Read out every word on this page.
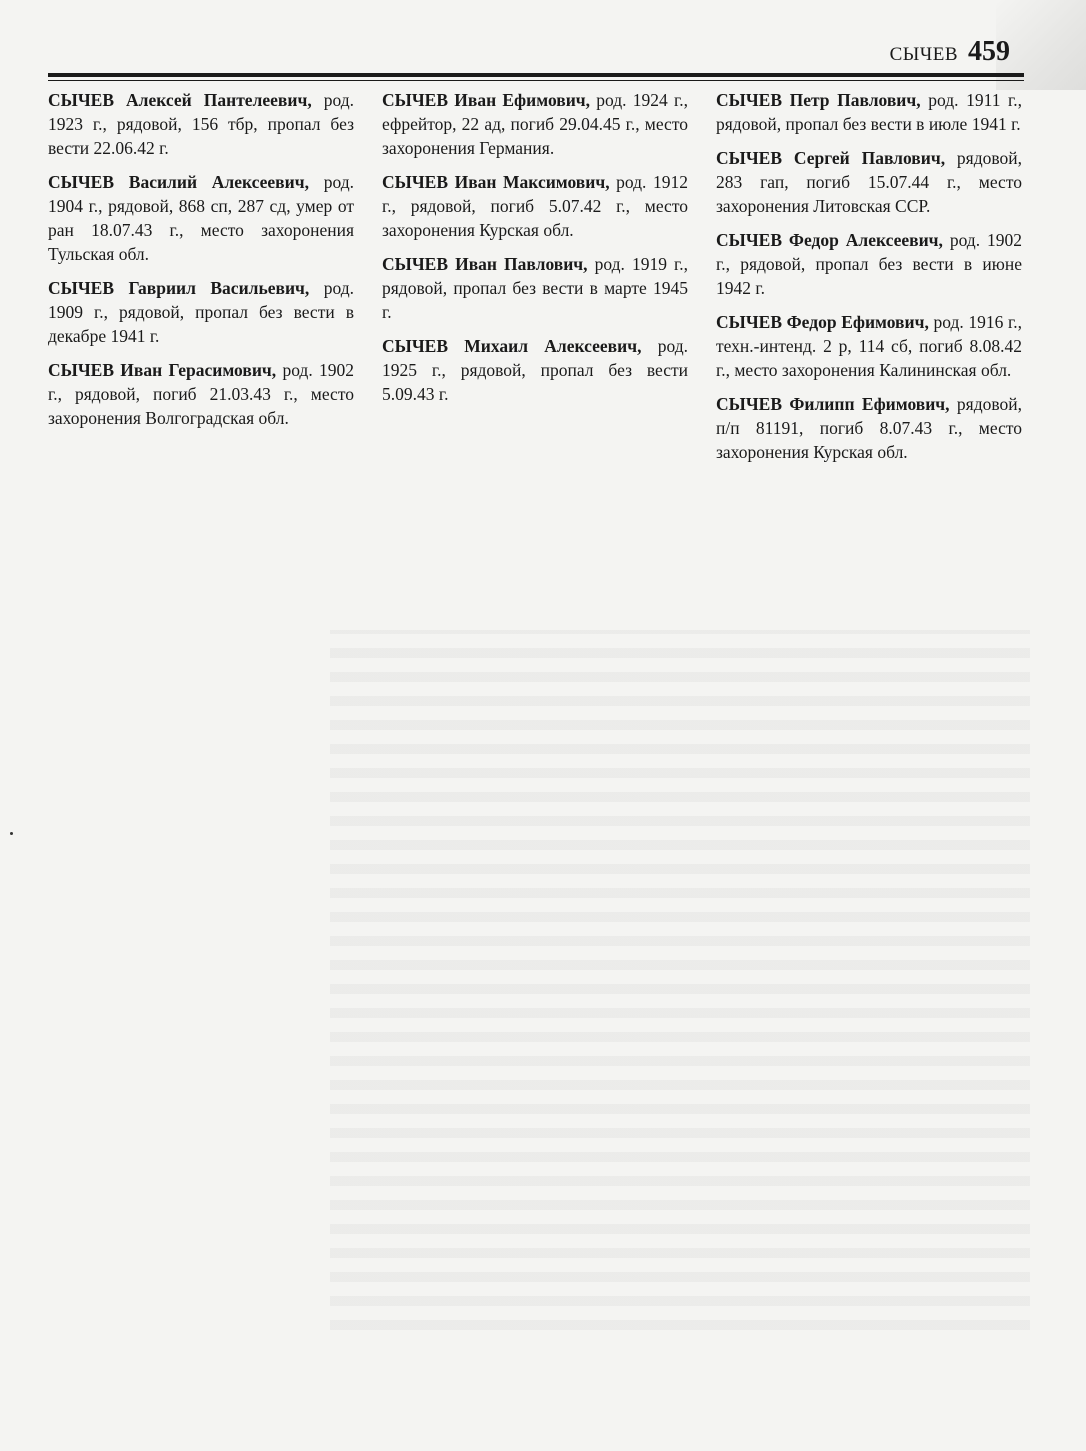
СЫЧЕВ 459

СЫЧЕВ Алексей Пантелеевич, род. 1923 г., рядовой, 156 тбр, пропал без вести 22.06.42 г.

СЫЧЕВ Василий Алексеевич, род. 1904 г., рядовой, 868 сп, 287 сд, умер от ран 18.07.43 г., место захоронения Тульская обл.

СЫЧЕВ Гавриил Васильевич, род. 1909 г., рядовой, пропал без вести в декабре 1941 г.

СЫЧЕВ Иван Герасимович, род. 1902 г., рядовой, погиб 21.03.43 г., место захоронения Волгоградская обл.

СЫЧЕВ Иван Ефимович, род. 1924 г., ефрейтор, 22 ад, погиб 29.04.45 г., место захоронения Германия.

СЫЧЕВ Иван Максимович, род. 1912 г., рядовой, погиб 5.07.42 г., место захоронения Курская обл.

СЫЧЕВ Иван Павлович, род. 1919 г., рядовой, пропал без вести в марте 1945 г.

СЫЧЕВ Михаил Алексеевич, род. 1925 г., рядовой, пропал без вести 5.09.43 г.

СЫЧЕВ Петр Павлович, род. 1911 г., рядовой, пропал без вести в июле 1941 г.

СЫЧЕВ Сергей Павлович, рядовой, 283 гап, погиб 15.07.44 г., место захоронения Литовская ССР.

СЫЧЕВ Федор Алексеевич, род. 1902 г., рядовой, пропал без вести в июне 1942 г.

СЫЧЕВ Федор Ефимович, род. 1916 г., техн.-интенд. 2 р, 114 сб, погиб 8.08.42 г., место захоронения Калининская обл.

СЫЧЕВ Филипп Ефимович, рядовой, п/п 81191, погиб 8.07.43 г., место захоронения Курская обл.
